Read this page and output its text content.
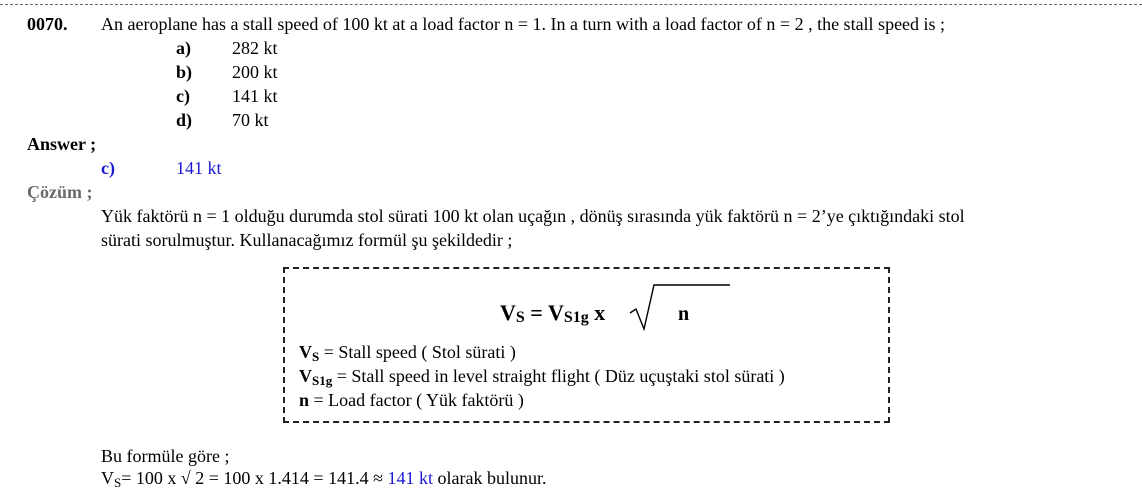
0070. An aeroplane has a stall speed of 100 kt at a load factor n = 1. In a turn with a load factor of n = 2 , the stall speed is ;
a) 282 kt
b) 200 kt
c) 141 kt
d) 70 kt
Answer ;
c)	141 kt
Çözüm ;
Yük faktörü n = 1 olduğu durumda stol sürati 100 kt olan uçağın , dönüş sırasında yük faktörü n = 2’ye çıktığındaki stol
sürati sorulmuştur. Kullanacağımız formül şu şekildedir ;
$V_S = V_{S1g}$ x	n
$V_S$ = Stall speed ( Stol sürati )
$V_{S1g}$ = Stall speed in level straight flight ( Düz uçuştaki stol sürati )
n = Load factor ( Yük faktörü )
Bu formüle göre ;
$V_S= 100$ x √ 2 = 100 x 1.414 = 141.4 ≈ 141 kt olarak bulunur.
